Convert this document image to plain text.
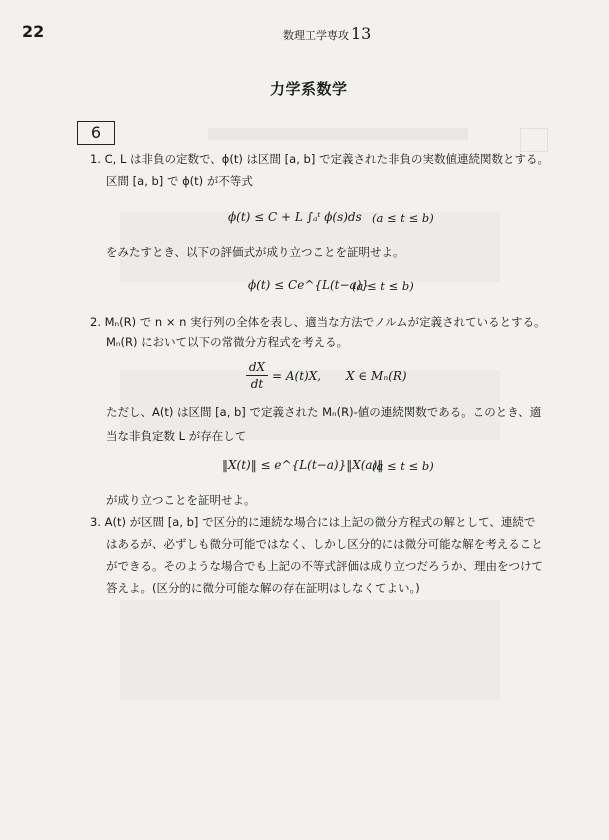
22	数理工学専攻 13
力学系数学
6
1. C, L は非負の定数で、ϕ(t) は区間 [a, b] で定義された非負の実数値連続関数とする。
区間 [a, b] で ϕ(t) が不等式
ϕ(t) ≤ C + L ∫ₐᵗ ϕ(s)ds (a ≤ t ≤ b)
をみたすとき、以下の評価式が成り立つことを証明せよ。
ϕ(t) ≤ Ce^{L(t−a)}
(a ≤ t ≤ b)
2. Mₙ(R) で n × n 実行列の全体を表し、適当な方法でノルムが定義されているとする。
Mₙ(R) において以下の常微分方程式を考える。
dX
dt
= A(t)X, X ∈ Mₙ(R)
ただし、A(t) は区間 [a, b] で定義された Mₙ(R)-値の連続関数である。このとき、適
当な非負定数 L が存在して
‖X(t)‖ ≤ e^{L(t−a)}‖X(a)‖
(a ≤ t ≤ b)
が成り立つことを証明せよ。
3. A(t) が区間 [a, b] で区分的に連続な場合には上記の微分方程式の解として、連続で
はあるが、必ずしも微分可能ではなく、しかし区分的には微分可能な解を考えること
ができる。そのような場合でも上記の不等式評価は成り立つだろうか、理由をつけて
答えよ。(区分的に微分可能な解の存在証明はしなくてよい。)
